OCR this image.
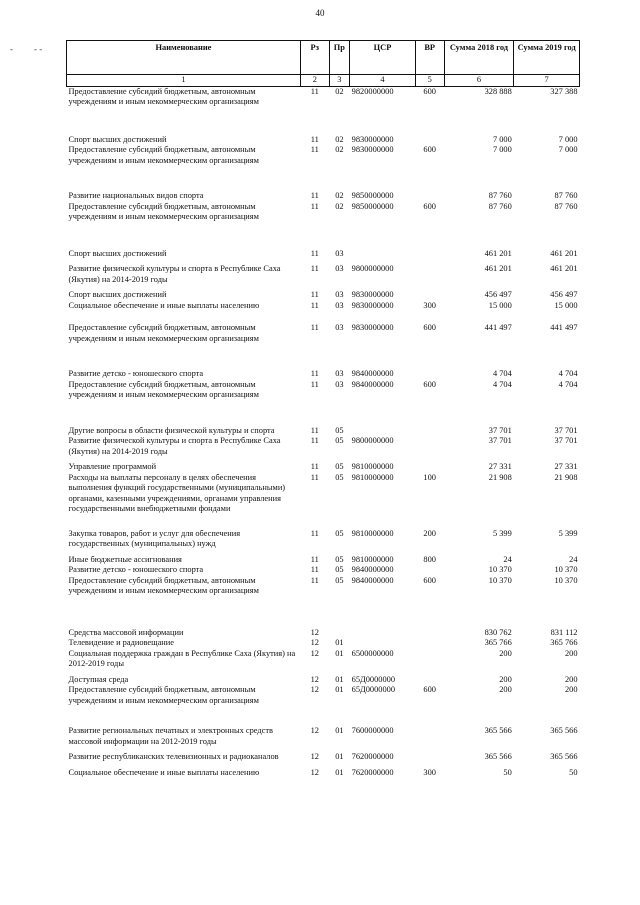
40
- - -	Наименование	Рз	Пр	ЦСР	ВР	Сумма 2018 год	Сумма 2019 год
1	2	3	4	5	6	7
Предоставление субсидий бюджетным, автономным учреждениям и иным некоммерческим организациям	11	02	9820000000	600	328 888	327 388
Спорт высших достижений	11	02	9830000000		7 000	7 000
Предоставление субсидий бюджетным, автономным учреждениям и иным некоммерческим организациям	11	02	9830000000	600	7 000	7 000
Развитие национальных видов спорта	11	02	9850000000		87 760	87 760
Предоставление субсидий бюджетным, автономным учреждениям и иным некоммерческим организациям	11	02	9850000000	600	87 760	87 760
Спорт высших достижений	11	03			461 201	461 201
Развитие физической культуры и спорта в Республике Саха (Якутия) на 2014-2019 годы	11	03	9800000000		461 201	461 201
Спорт высших достижений	11	03	9830000000		456 497	456 497
Социальное обеспечение и иные выплаты населению	11	03	9830000000	300	15 000	15 000
Предоставление субсидий бюджетным, автономным учреждениям и иным некоммерческим организациям	11	03	9830000000	600	441 497	441 497
Развитие детско - юношеского спорта	11	03	9840000000		4 704	4 704
Предоставление субсидий бюджетным, автономным учреждениям и иным некоммерческим организациям	11	03	9840000000	600	4 704	4 704
Другие вопросы в области физической культуры и спорта	11	05			37 701	37 701
Развитие физической культуры и спорта в Республике Саха (Якутия) на 2014-2019 годы	11	05	9800000000		37 701	37 701
Управление программой	11	05	9810000000		27 331	27 331
Расходы на выплаты персоналу в целях обеспечения выполнения функций государственными (муниципальными) органами, казенными учреждениями, органами управления государственными внебюджетными фондами	11	05	9810000000	100	21 908	21 908
Закупка товаров, работ и услуг для обеспечения государственных (муниципальных) нужд	11	05	9810000000	200	5 399	5 399
Иные бюджетные ассигнования	11	05	9810000000	800	24	24
Развитие детско - юношеского спорта	11	05	9840000000		10 370	10 370
Предоставление субсидий бюджетным, автономным учреждениям и иным некоммерческим организациям	11	05	9840000000	600	10 370	10 370
Средства массовой информации	12				830 762	831 112
Телевидение и радиовещание	12	01			365 766	365 766
Социальная поддержка граждан в Республике Саха (Якутия) на 2012-2019 годы	12	01	6500000000		200	200
Доступная среда	12	01	65Д0000000		200	200
Предоставление субсидий бюджетным, автономным учреждениям и иным некоммерческим организациям	12	01	65Д0000000	600	200	200
Развитие региональных печатных и электронных средств массовой информации на 2012-2019 годы	12	01	7600000000		365 566	365 566
Развитие республиканских телевизионных и радиоканалов	12	01	7620000000		365 566	365 566
Социальное обеспечение и иные выплаты населению	12	01	7620000000	300	50	50
